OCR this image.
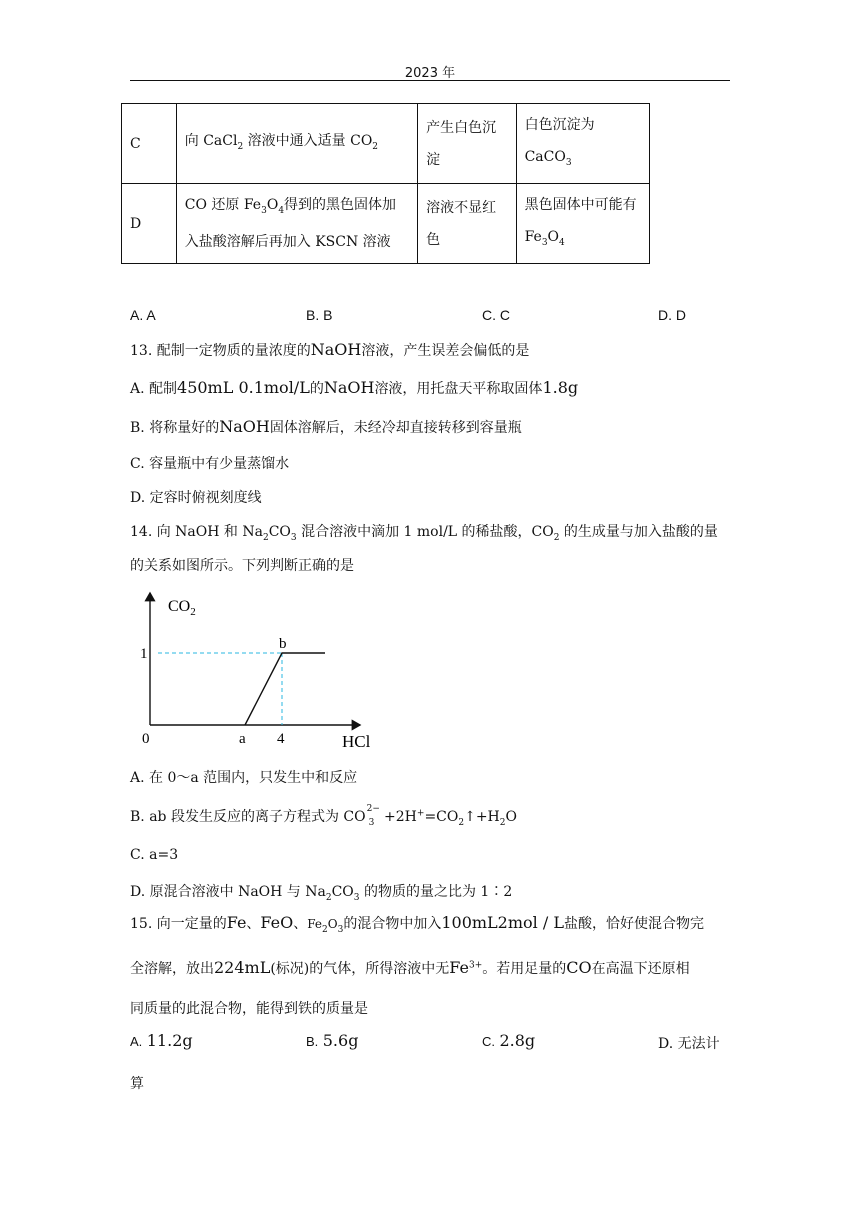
2023 年
C	向 CaCl$_2$ 溶液中通入适量 $CO_2$	产生白色沉淀	白色沉淀为 CaCO$_3$
D	CO 还原 $Fe_3O_4$得到的黑色固体加入盐酸溶解后再加入 KSCN 溶液	溶液不显红色	黑色固体中可能有 $Fe_3O_4$
A. A	B. B	C. C	D. D
13. 配制一定物质的量浓度的NaOH溶液，产生误差会偏低的是
A. 配制450mL 0.1mol/L的NaOH溶液，用托盘天平称取固体1.8g
B. 将称量好的NaOH固体溶解后，未经冷却直接转移到容量瓶
C. 容量瓶中有少量蒸馏水
D. 定容时俯视刻度线
14. 向 NaOH 和 $Na_2CO_3$ 混合溶液中滴加 1 mol/L 的稀盐酸，$CO_2$ 的生成量与加入盐酸的量
的关系如图所示。下列判断正确的是
$CO_2$
1
0	a 4
b
HCl
A. 在 0～a 范围内，只发生中和反应
B. ab 段发生反应的离子方程式为 CO 2−
$3 +2H^+=CO_2↑+H_2O$
C. a=3
D. 原混合溶液中 NaOH 与 $Na_2CO_3$ 的物质的量之比为 1∶2
15. 向一定量的Fe、FeO、$Fe_2O_3$的混合物中加入100mL2mol / L盐酸，恰好使混合物完
全溶解，放出224mL(标况)的气体，所得溶液中无$Fe^{3+}$。若用足量的CO在高温下还原相
同质量的此混合物，能得到铁的质量是
A. 11.2g	B. 5.6g	C. 2.8g	D. 无法计
算
